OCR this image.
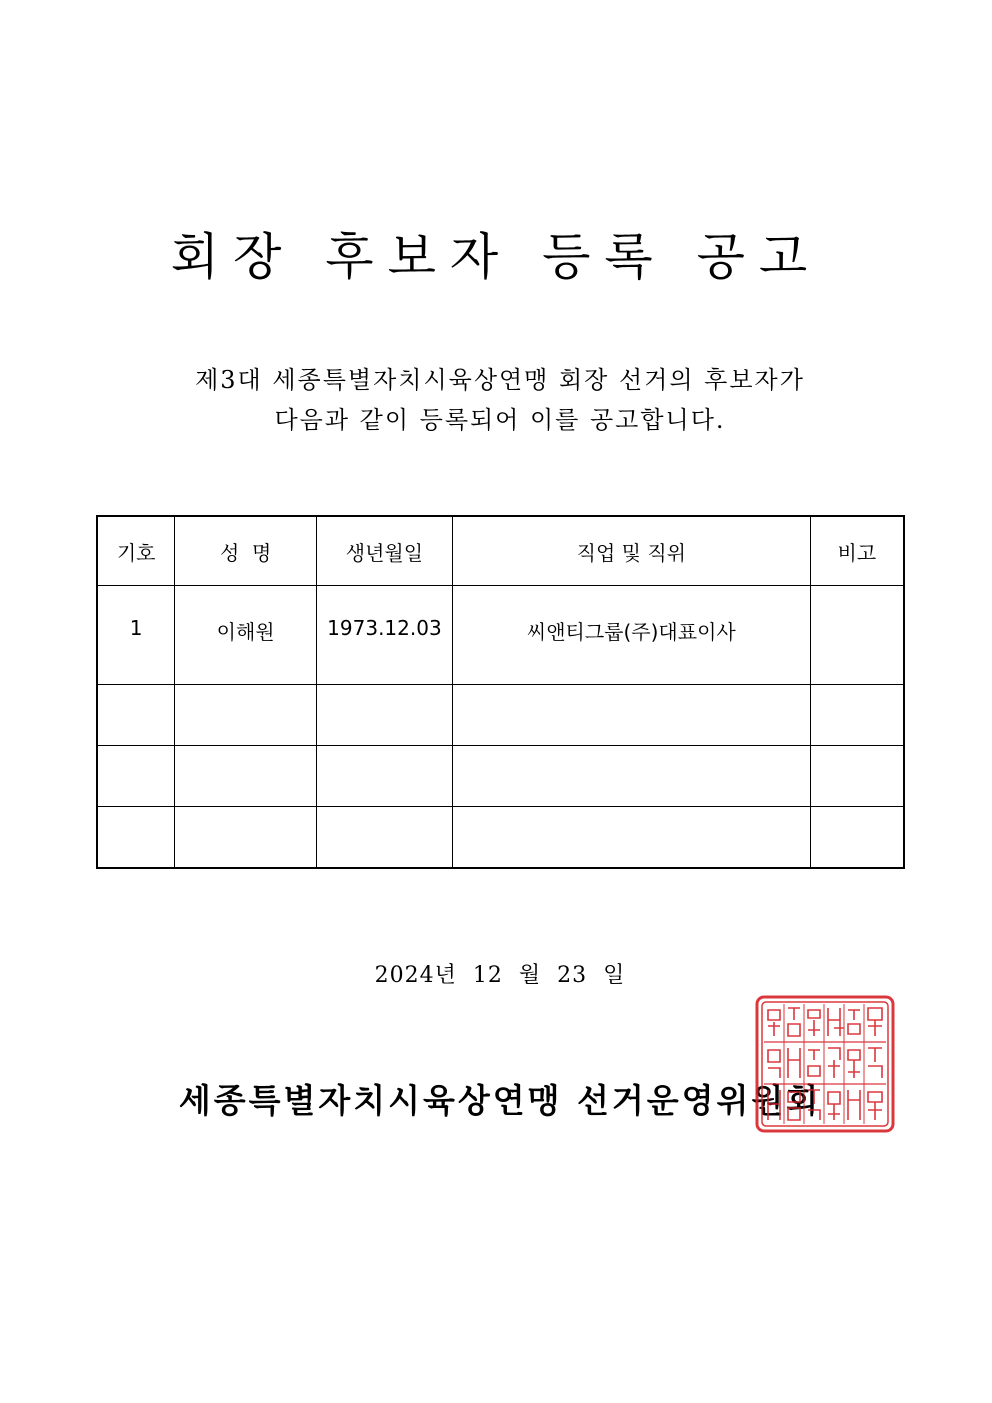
회장 후보자 등록 공고
제3대 세종특별자치시육상연맹 회장 선거의 후보자가
다음과 같이 등록되어 이를 공고합니다.
기호	성  명	생년월일	직업 및 직위	비고
1	이해원	1973.12.03	씨앤티그룹(주)대표이사	

2024년  12  월  23  일
세종특별자치시육상연맹 선거운영위원회
